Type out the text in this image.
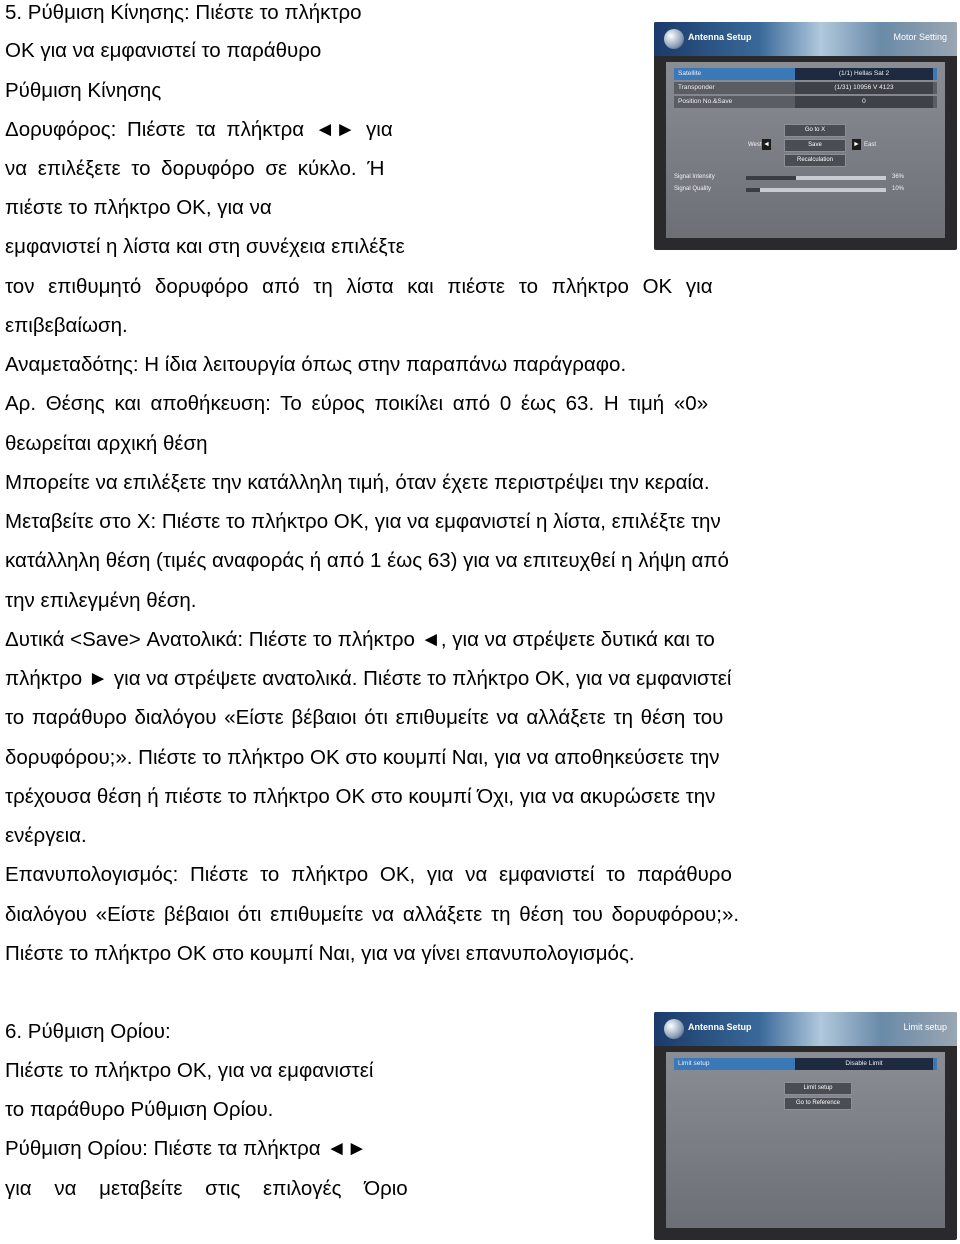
5. Ρύθμιση Κίνησης: Πιέστε το πλήκτρο

OK για να εμφανιστεί το παράθυρο

Ρύθμιση Κίνησης

Δορυφόρος: Πιέστε τα πλήκτρα ◄► για

να επιλέξετε το δορυφόρο σε κύκλο. Ή

πιέστε το πλήκτρο OK, για να

εμφανιστεί η λίστα και στη συνέχεια επιλέξτε

τον επιθυμητό δορυφόρο από τη λίστα και πιέστε το πλήκτρο OK για

επιβεβαίωση.

Αναμεταδότης: Η ίδια λειτουργία όπως στην παραπάνω παράγραφο.

Αρ. Θέσης και αποθήκευση: Το εύρος ποικίλει από 0 έως 63. Η τιμή «0»

θεωρείται αρχική θέση

Μπορείτε να επιλέξετε την κατάλληλη τιμή, όταν έχετε περιστρέψει την κεραία.

Μεταβείτε στο X: Πιέστε το πλήκτρο OK, για να εμφανιστεί η λίστα, επιλέξτε την

κατάλληλη θέση (τιμές αναφοράς ή από 1 έως 63) για να επιτευχθεί η λήψη από

την επιλεγμένη θέση.

Δυτικά <Save> Ανατολικά: Πιέστε το πλήκτρο ◄, για να στρέψετε δυτικά και το

πλήκτρο ► για να στρέψετε ανατολικά. Πιέστε το πλήκτρο OK, για να εμφανιστεί

το παράθυρο διαλόγου «Είστε βέβαιοι ότι επιθυμείτε να αλλάξετε τη θέση του

δορυφόρου;». Πιέστε το πλήκτρο OK στο κουμπί Ναι, για να αποθηκεύσετε την

τρέχουσα θέση ή πιέστε το πλήκτρο OK στο κουμπί Όχι, για να ακυρώσετε την

ενέργεια.

Επανυπολογισμός: Πιέστε το πλήκτρο OK, για να εμφανιστεί το παράθυρο

διαλόγου «Είστε βέβαιοι ότι επιθυμείτε να αλλάξετε τη θέση του δορυφόρου;».

Πιέστε το πλήκτρο OK στο κουμπί Ναι, για να γίνει επανυπολογισμός.

6. Ρύθμιση Ορίου:

Πιέστε το πλήκτρο OK, για να εμφανιστεί

το παράθυρο Ρύθμιση Ορίου.

Ρύθμιση Ορίου: Πιέστε τα πλήκτρα ◄►

για να μεταβείτε στις επιλογές Όριο

Antenna Setup	Motor Setting
Satellite	(1/1) Hellas Sat 2
Transponder	(1/31) 10956 V 4123
Position No.&Save	0
Go to X
West ◄	Save	► East
Recalculation
Signal Intensity	36%
Signal Quality	10%
Antenna Setup	Limit setup
Limit setup	Disable Limit
Limit setup
Go to Reference
